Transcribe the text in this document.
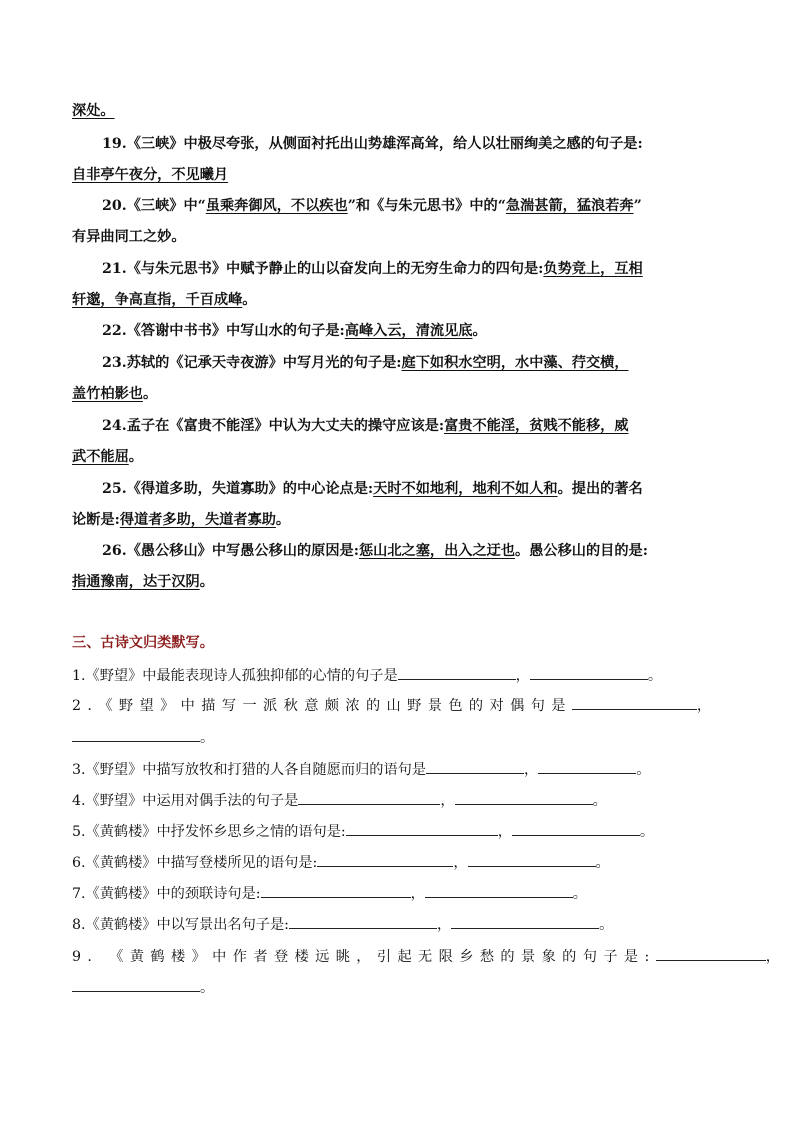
深处。
19.《三峡》中极尽夸张，从侧面衬托出山势雄浑高耸，给人以壮丽绚美之感的句子是:
自非亭午夜分，不见曦月
20.《三峡》中“虽乘奔御风，不以疾也”和《与朱元思书》中的“急湍甚箭，猛浪若奔”
有异曲同工之妙。
21.《与朱元思书》中赋予静止的山以奋发向上的无穷生命力的四句是:负势竞上，互相
轩邈，争高直指，千百成峰。
22.《答谢中书书》中写山水的句子是:高峰入云，清流见底。
23.苏轼的《记承天寺夜游》中写月光的句子是:庭下如积水空明，水中藻、荇交横，
盖竹柏影也。
24.孟子在《富贵不能淫》中认为大丈夫的操守应该是:富贵不能淫，贫贱不能移，威
武不能屈。
25.《得道多助，失道寡助》的中心论点是:天时不如地利，地利不如人和。提出的著名
论断是:得道者多助，失道者寡助。
26.《愚公移山》中写愚公移山的原因是:惩山北之塞，出入之迂也。愚公移山的目的是:
指通豫南，达于汉阴。
三、古诗文归类默写。
1.《野望》中最能表现诗人孤独抑郁的心情的句子是	，	。
2.《野望》中描写一派秋意颇浓的山野景色的对偶句是	，
。
3.《野望》中描写放牧和打猎的人各自随愿而归的语句是	，	。
4.《野望》中运用对偶手法的句子是	，	。
5.《黄鹤楼》中抒发怀乡思乡之情的语句是:	，	。
6.《黄鹤楼》中描写登楼所见的语句是:	，	。
7.《黄鹤楼》中的颈联诗句是:	，	。
8.《黄鹤楼》中以写景出名句子是:	，	。
9. 《黄鹤楼》中作者登楼远眺，引起无限乡愁的景象的句子是:	，
。
